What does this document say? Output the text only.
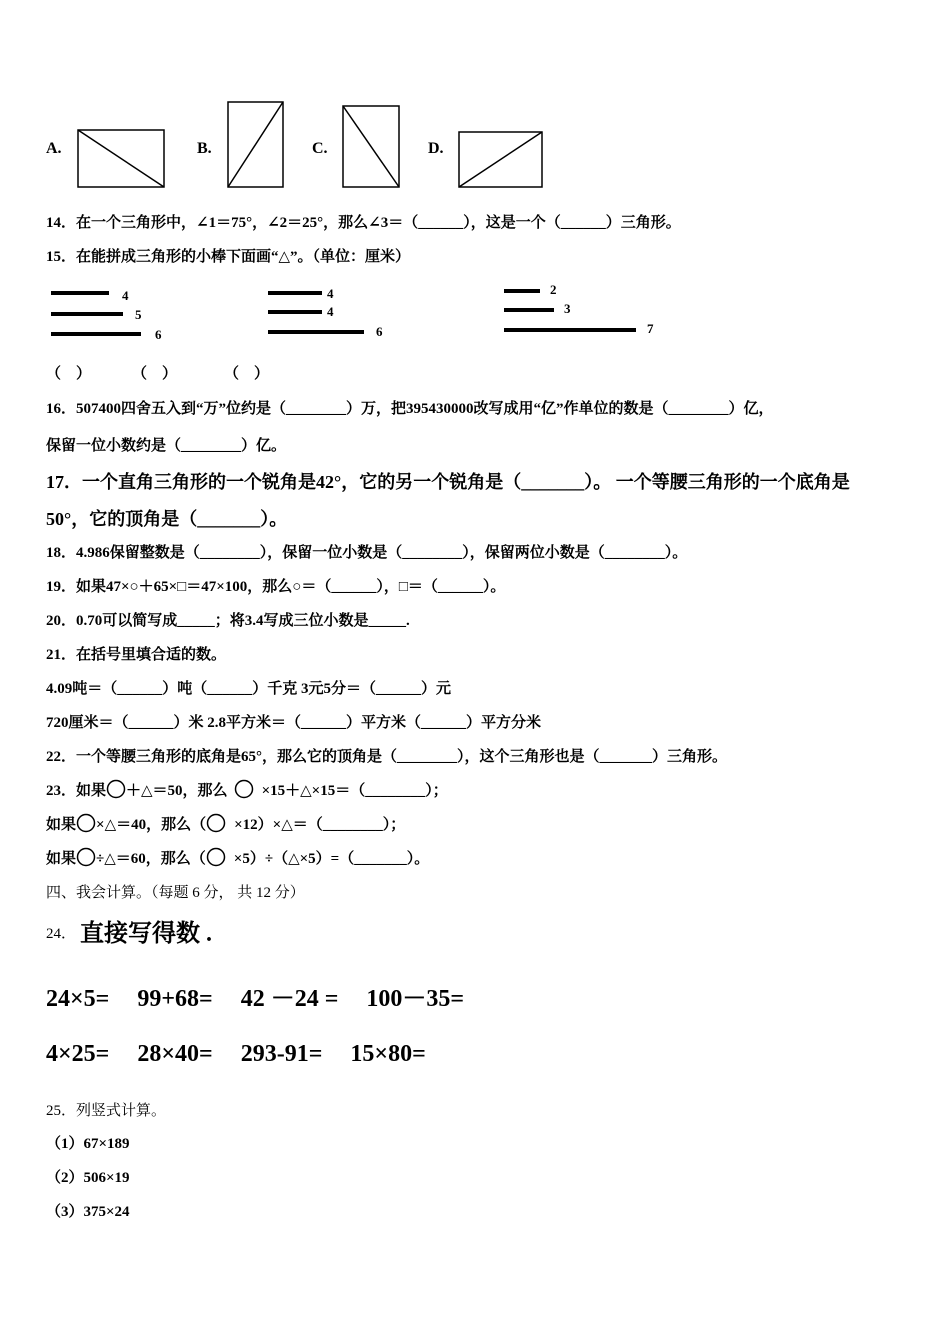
A.	B.	C.	D.
14．在一个三角形中，∠1＝75°，∠2＝25°，那么∠3＝（______），这是一个（______）三角形。
15．在能拼成三角形的小棒下面画“△”。（单位：厘米）
4
5
6
4
4
6
2
3
7
（　）	（　）	（　）
16．507400四舍五入到“万”位约是（________）万，把395430000改写成用“亿”作单位的数是（________）亿，
保留一位小数约是（________）亿。
17．一个直角三角形的一个锐角是42°，它的另一个锐角是（_______）。 一个等腰三角形的一个底角是
50°，它的顶角是（_______）。
18．4.986保留整数是（________），保留一位小数是（________），保留两位小数是（________）。
19．如果47×○＋65×□＝47×100，那么○＝（______），□＝（______）。
20．0.70可以简写成_____；将3.4写成三位小数是_____.
21．在括号里填合适的数。
4.09吨＝（______）吨（______）千克 3元5分＝（______）元
720厘米＝（______）米 2.8平方米＝（______）平方米（______）平方分米
22．一个等腰三角形的底角是65°，那么它的顶角是（________），这个三角形也是（_______）三角形。
23．如果 ＋△＝50，那么 ×15＋△×15＝（________）；
如果 ×△＝40，那么（ ×12）×△＝（________）；
如果 ÷△＝60，那么（ ×5）÷（△×5）=（_______）。
四、我会计算。（每题 6 分， 共 12 分）
24． 直接写得数 .
24×5= 99+68= 42 －24 = 100－35=
4×25= 28×40= 293-91= 15×80=
25．列竖式计算。
（1）67×189
（2）506×19
（3）375×24
